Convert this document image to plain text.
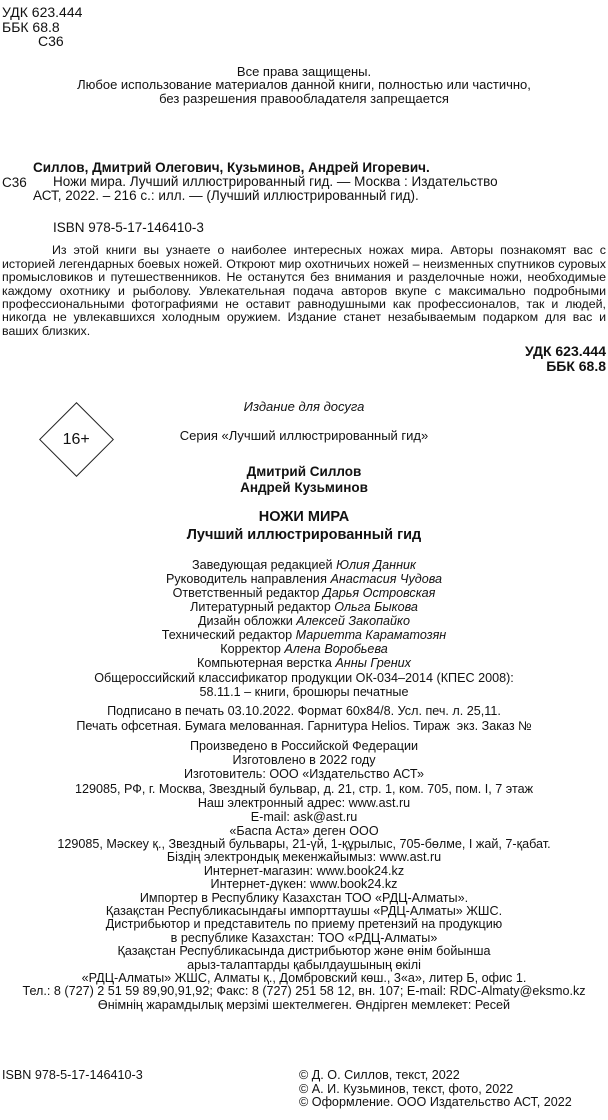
УДК 623.444
ББК 68.8
С36
Все права защищены.
Любое использование материалов данной книги, полностью или частично,
без разрешения правообладателя запрещается
С36
Силлов, Дмитрий Олегович, Кузьминов, Андрей Игоревич.
Ножи мира. Лучший иллюстрированный гид. — Москва : Издательство АСТ, 2022. – 216 с.: илл. — (Лучший иллюстрированный гид).
ISBN 978-5-17-146410-3
Из этой книги вы узнаете о наиболее интересных ножах мира. Авторы познакомят вас с историей легендарных боевых ножей. Откроют мир охотничьих ножей – неизменных спутников суровых промысловиков и путешественников. Не останутся без внимания и разделочные ножи, необходимые каждому охотнику и рыболову. Увлекательная подача авторов вкупе с максимально подробными профессиональными фотографиями не оставит равнодушными как профессионалов, так и людей, никогда не увлекавшихся холодным оружием. Издание станет незабываемым подарком для вас и ваших близких.
УДК 623.444
ББК 68.8
16+
Издание для досуга
Серия «Лучший иллюстрированный гид»
Дмитрий Силлов
Андрей Кузьминов
НОЖИ МИРА
Лучший иллюстрированный гид
Заведующая редакцией Юлия Данник
Руководитель направления Анастасия Чудова
Ответственный редактор Дарья Островская
Литературный редактор Ольга Быкова
Дизайн обложки Алексей Закопайко
Технический редактор Мариетта Караматозян
Корректор Алена Воробьева
Компьютерная верстка Анны Грених
Общероссийский классификатор продукции ОК-034–2014 (КПЕС 2008):
58.11.1 – книги, брошюры печатные
Подписано в печать 03.10.2022. Формат 60х84/8. Усл. печ. л. 25,11.
Печать офсетная. Бумага мелованная. Гарнитура Helios. Тираж  экз. Заказ №
Произведено в Российской Федерации
Изготовлено в 2022 году
Изготовитель: ООО «Издательство АСТ»
129085, РФ, г. Москва, Звездный бульвар, д. 21, стр. 1, ком. 705, пом. I, 7 этаж
Наш электронный адрес: www.ast.ru
E-mail: ask@ast.ru
«Баспа Аста» деген ООО
129085, Мәскеу қ., Звездный бульвары, 21-үй, 1-құрылыс, 705-бөлме, I жай, 7-қабат.
Біздің электрондық мекенжайымыз: www.ast.ru
Интернет-магазин: www.book24.kz
Интернет-дүкен: www.book24.kz
Импортер в Республику Казахстан ТОО «РДЦ-Алматы».
Қазақстан Республикасындағы импорттаушы «РДЦ-Алматы» ЖШС.
Дистрибьютор и представитель по приему претензий на продукцию
в республике Казахстан: ТОО «РДЦ-Алматы»
Қазақстан Республикасында дистрибьютор және өнім бойынша
арыз-талаптарды қабылдаушының өкілі
«РДЦ-Алматы» ЖШС, Алматы қ., Домбровский көш., 3«а», литер Б, офис 1.
Тел.: 8 (727) 2 51 59 89,90,91,92; Факс: 8 (727) 251 58 12, вн. 107; E-mail: RDC-Almaty@eksmo.kz
Өнімнің жарамдылық мерзімі шектелмеген. Өндірген мемлекет: Ресей
ISBN 978-5-17-146410-3	© Д. О. Силлов, текст, 2022
© А. И. Кузьминов, текст, фото, 2022
© Оформление. ООО Издательство АСТ, 2022
